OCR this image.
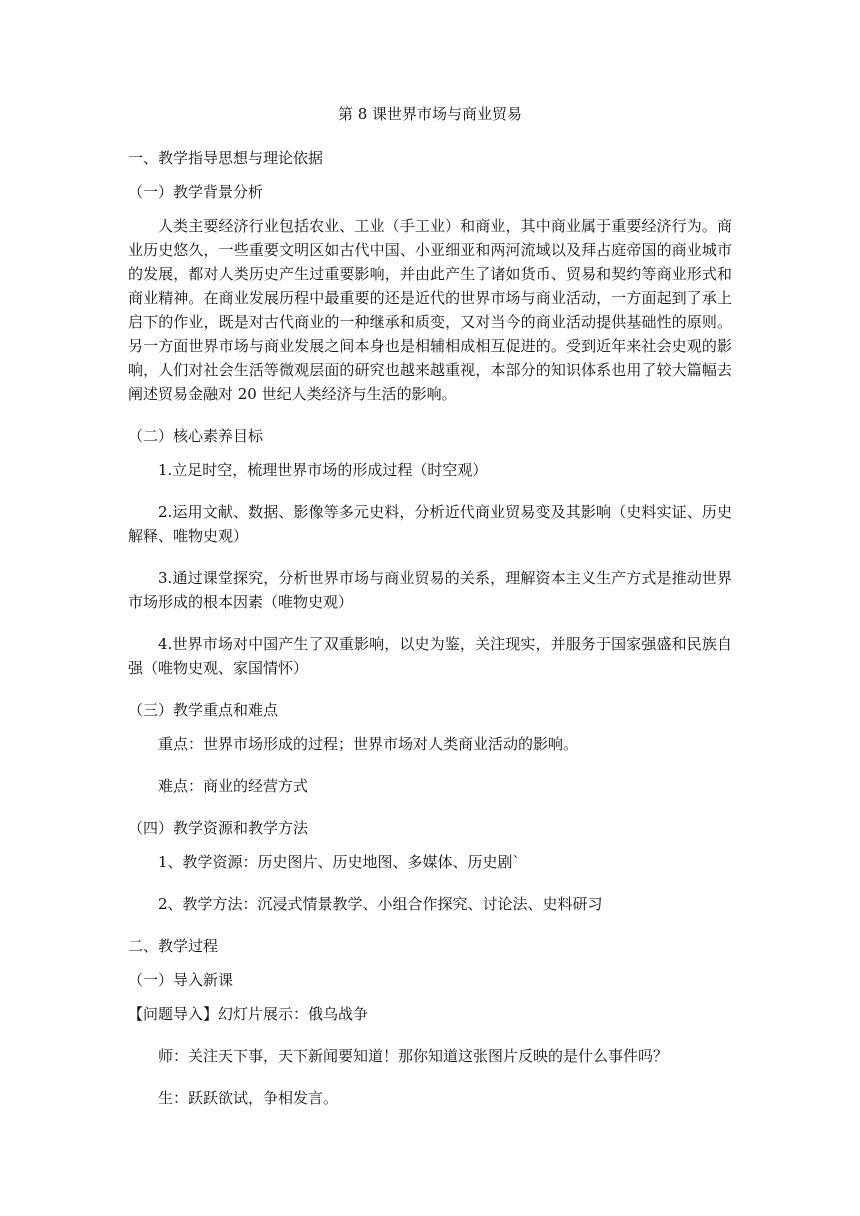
第 8 课世界市场与商业贸易
一、教学指导思想与理论依据
（一）教学背景分析
人类主要经济行业包括农业、工业（手工业）和商业，其中商业属于重要经济行为。商业历史悠久，一些重要文明区如古代中国、小亚细亚和两河流域以及拜占庭帝国的商业城市的发展，都对人类历史产生过重要影响，并由此产生了诸如货币、贸易和契约等商业形式和商业精神。在商业发展历程中最重要的还是近代的世界市场与商业活动，一方面起到了承上启下的作业，既是对古代商业的一种继承和质变，又对当今的商业活动提供基础性的原则。另一方面世界市场与商业发展之间本身也是相辅相成相互促进的。受到近年来社会史观的影响，人们对社会生活等微观层面的研究也越来越重视，本部分的知识体系也用了较大篇幅去阐述贸易金融对 20 世纪人类经济与生活的影响。
（二）核心素养目标
1.立足时空，梳理世界市场的形成过程（时空观）
2.运用文献、数据、影像等多元史料，分析近代商业贸易变及其影响（史料实证、历史解释、唯物史观）
3.通过课堂探究，分析世界市场与商业贸易的关系，理解资本主义生产方式是推动世界市场形成的根本因素（唯物史观）
4.世界市场对中国产生了双重影响，以史为鉴，关注现实，并服务于国家强盛和民族自强（唯物史观、家国情怀）
（三）教学重点和难点
重点：世界市场形成的过程；世界市场对人类商业活动的影响。
难点：商业的经营方式
（四）教学资源和教学方法
1、教学资源：历史图片、历史地图、多媒体、历史剧`
2、教学方法：沉浸式情景教学、小组合作探究、讨论法、史料研习
二、教学过程
（一）导入新课
【问题导入】幻灯片展示：俄乌战争
师：关注天下事，天下新闻要知道！那你知道这张图片反映的是什么事件吗？
生：跃跃欲试，争相发言。
